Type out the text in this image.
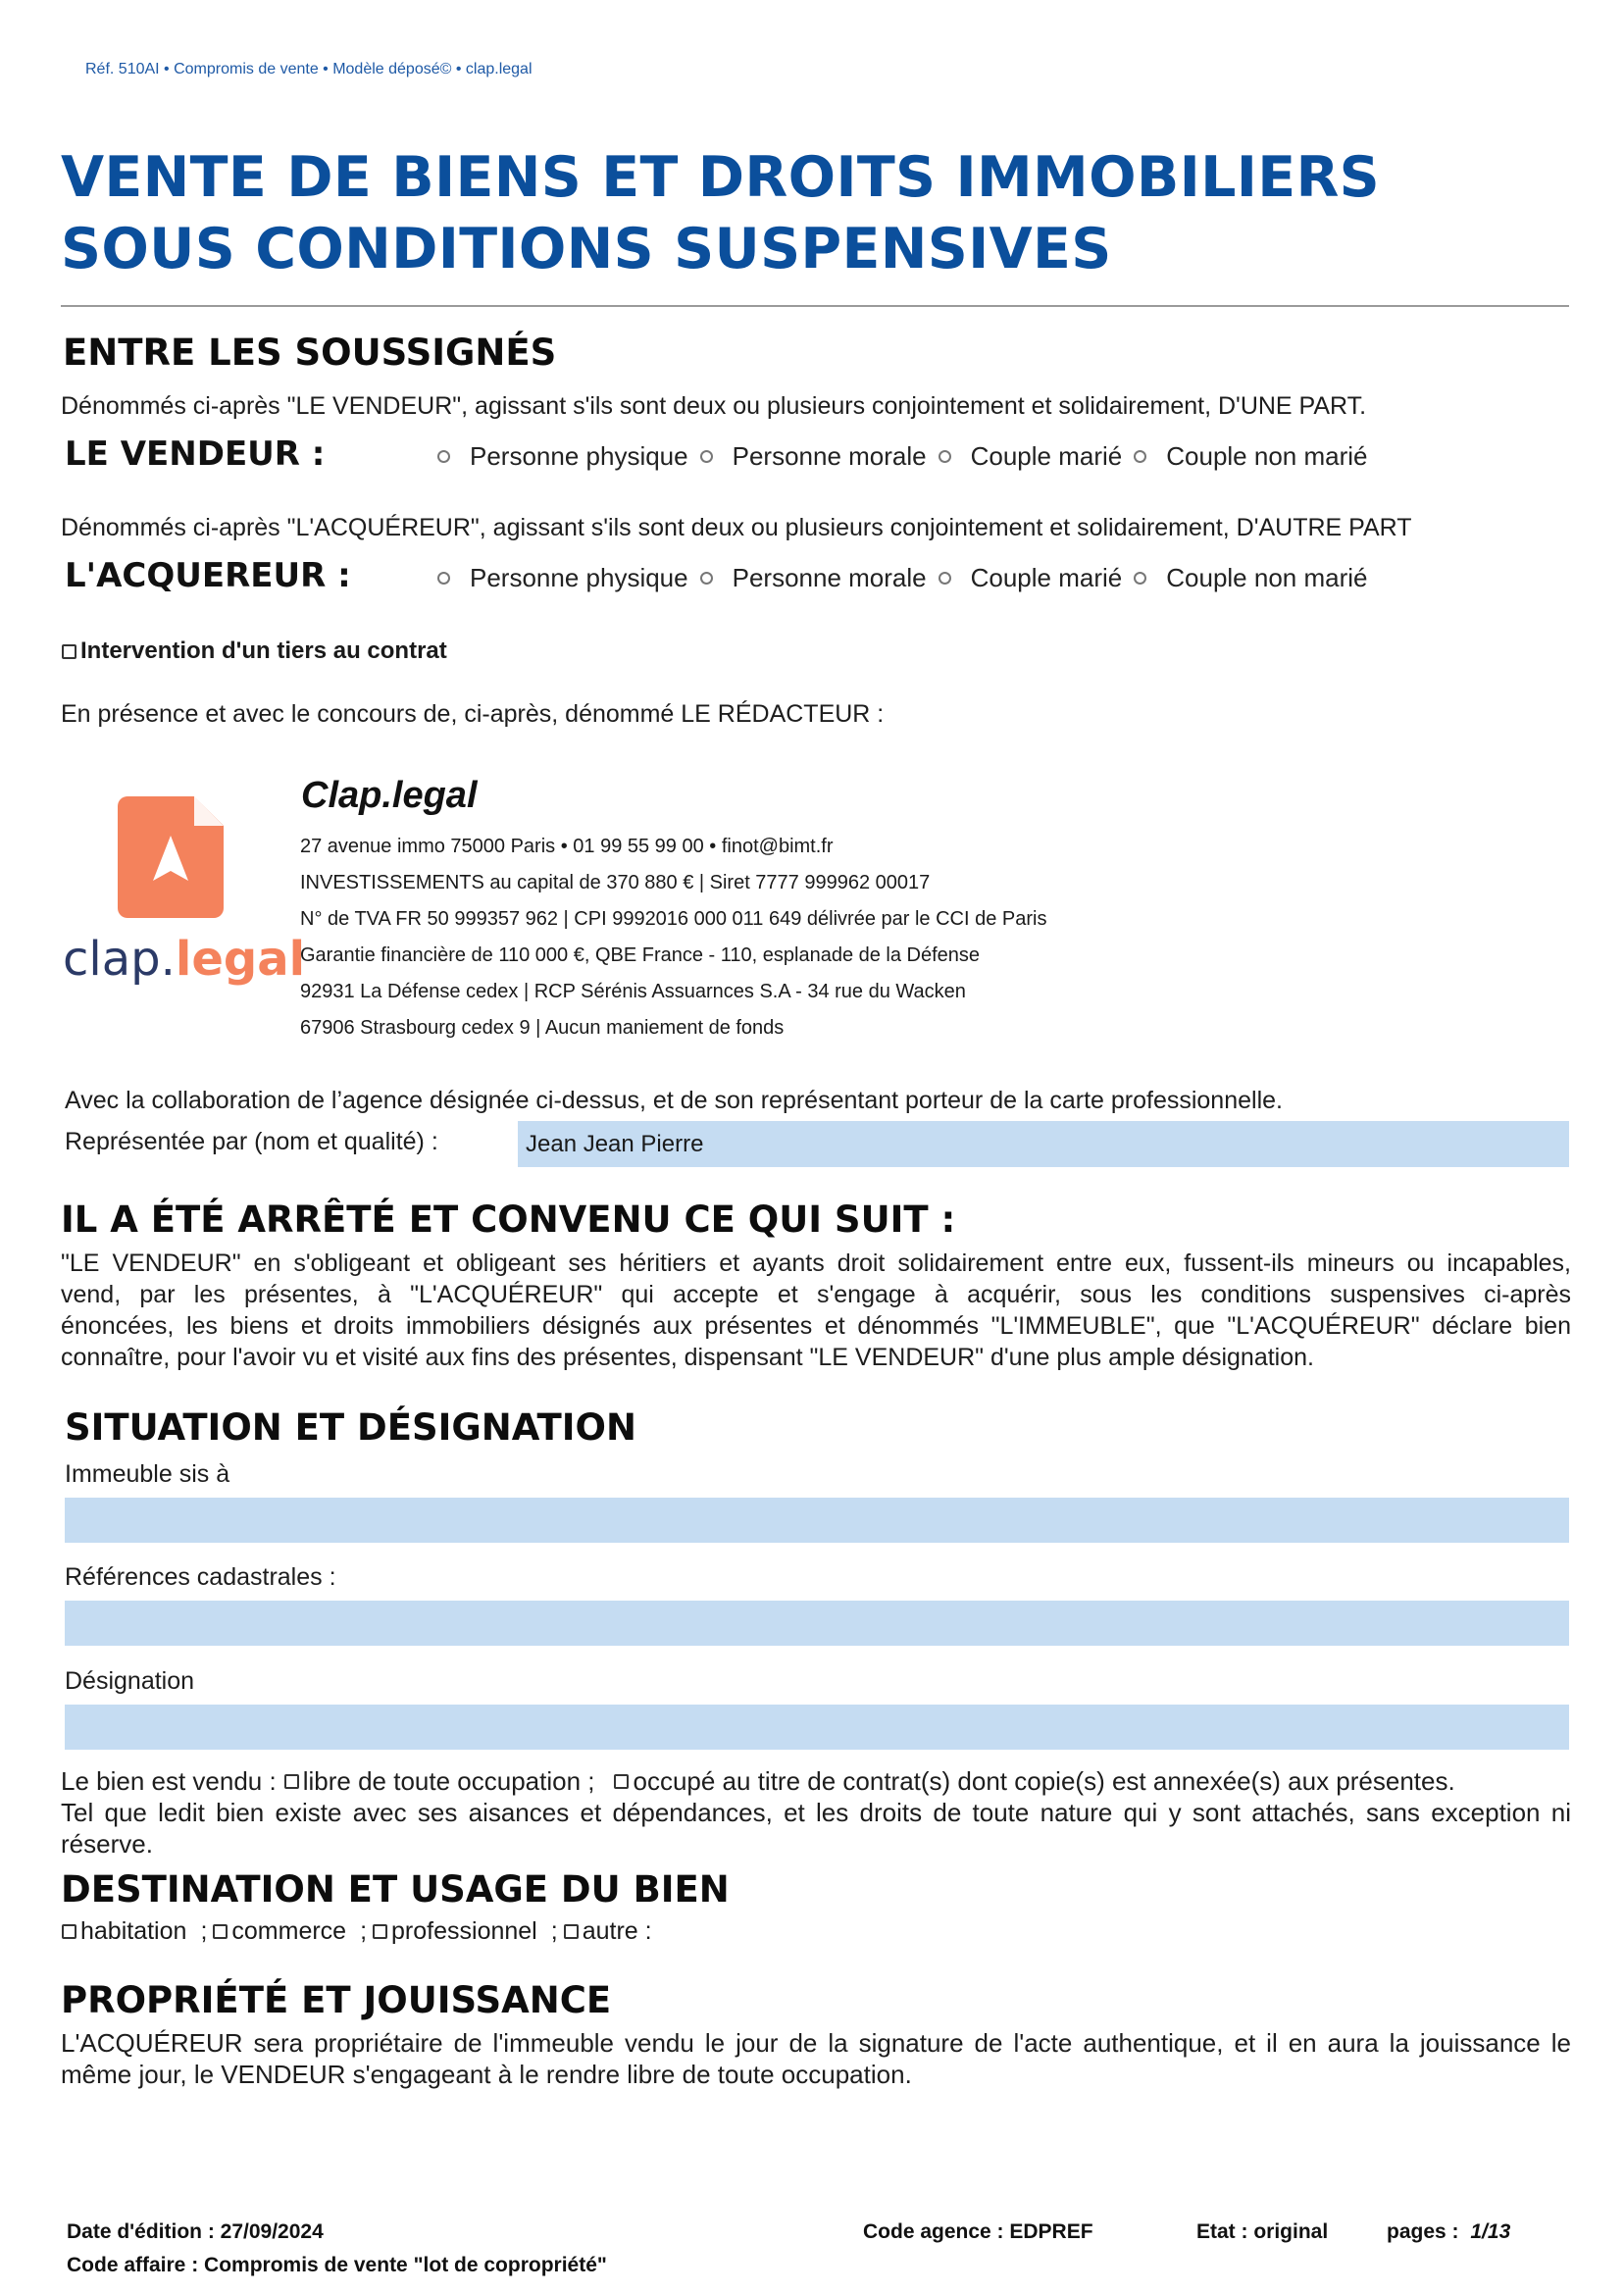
Réf. 510AI • Compromis de vente • Modèle déposé© • clap.legal
VENTE DE BIENS ET DROITS IMMOBILIERS
SOUS CONDITIONS SUSPENSIVES
ENTRE LES SOUSSIGNÉS
Dénommés ci-après "LE VENDEUR", agissant s'ils sont deux ou plusieurs conjointement et solidairement, D'UNE PART.
LE VENDEUR :	Personne physique Personne morale Couple marié Couple non marié
Dénommés ci-après "L'ACQUÉREUR", agissant s'ils sont deux ou plusieurs conjointement et solidairement, D'AUTRE PART
L'ACQUEREUR :	Personne physique Personne morale Couple marié Couple non marié
Intervention d'un tiers au contrat
En présence et avec le concours de, ci-après, dénommé LE RÉDACTEUR :
clap.legal
Clap.legal
27 avenue immo 75000 Paris • 01 99 55 99 00 • finot@bimt.fr
INVESTISSEMENTS au capital de 370 880 € | Siret 7777 999962 00017
N° de TVA FR 50 999357 962 | CPI 9992016 000 011 649 délivrée par le CCI de Paris
Garantie financière de 110 000 €, QBE France - 110, esplanade de la Défense
92931 La Défense cedex | RCP Sérénis Assuarnces S.A - 34 rue du Wacken
67906 Strasbourg cedex 9 | Aucun maniement de fonds
Avec la collaboration de l’agence désignée ci-dessus, et de son représentant porteur de la carte professionnelle.
Représentée par (nom et qualité) :	Jean Jean Pierre
IL A ÉTÉ ARRÊTÉ ET CONVENU CE QUI SUIT :
"LE VENDEUR" en s'obligeant et obligeant ses héritiers et ayants droit solidairement entre eux, fussent-ils mineurs ou incapables,
vend, par les présentes, à "L'ACQUÉREUR" qui accepte et s'engage à acquérir, sous les conditions suspensives ci-après
énoncées, les biens et droits immobiliers désignés aux présentes et dénommés "L'IMMEUBLE", que "L'ACQUÉREUR" déclare bien
connaître, pour l'avoir vu et visité aux fins des présentes, dispensant "LE VENDEUR" d'une plus ample désignation.
SITUATION ET DÉSIGNATION
Immeuble sis à
Références cadastrales :
Désignation
Le bien est vendu : libre de toute occupation ; occupé au titre de contrat(s) dont copie(s) est annexée(s) aux présentes.
Tel que ledit bien existe avec ses aisances et dépendances, et les droits de toute nature qui y sont attachés, sans exception ni
réserve.
DESTINATION ET USAGE DU BIEN
habitation ; commerce ; professionnel ; autre :
PROPRIÉTÉ ET JOUISSANCE
L'ACQUÉREUR sera propriétaire de l'immeuble vendu le jour de la signature de l'acte authentique, et il en aura la jouissance le
même jour, le VENDEUR s'engageant à le rendre libre de toute occupation.
Date d'édition : 27/09/2024
Code affaire : Compromis de vente "lot de copropriété"
Code agence : EDPREF	Etat : original	pages : 1/13
